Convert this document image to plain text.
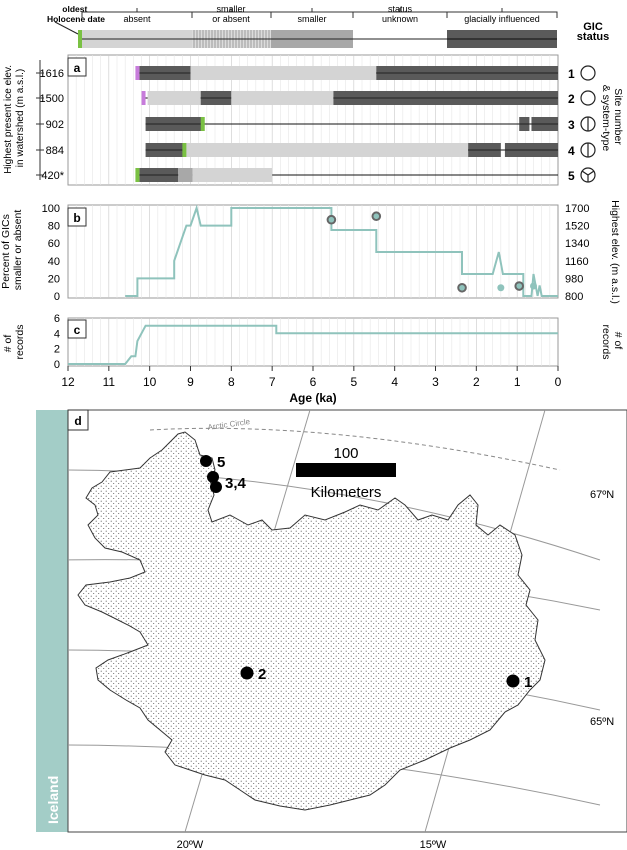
oldest Holocene date absent
smaller or absent	smaller
status unknown	glacially influenced
GIC status
a
b
c
1616
1500
902
884
420*
Highest present ice elev. in watershed (m a.s.l.)	Site number & system-type
1
2
3
4
5
100
80
60
40
20
0
1700
1520
1340
1160
980
800
Percent of GICs smaller or absent	Highest elev. (m a.s.l.)
6
4
2
0
# of records	# of records
12 11 10	9	8	7	6	5	4	3	2	1	0
Age (ka)
Iceland
Arctic Circle
100
Kilometers	67ºN
65ºN
20ºW	15ºW
5
3,4
2	1
d
